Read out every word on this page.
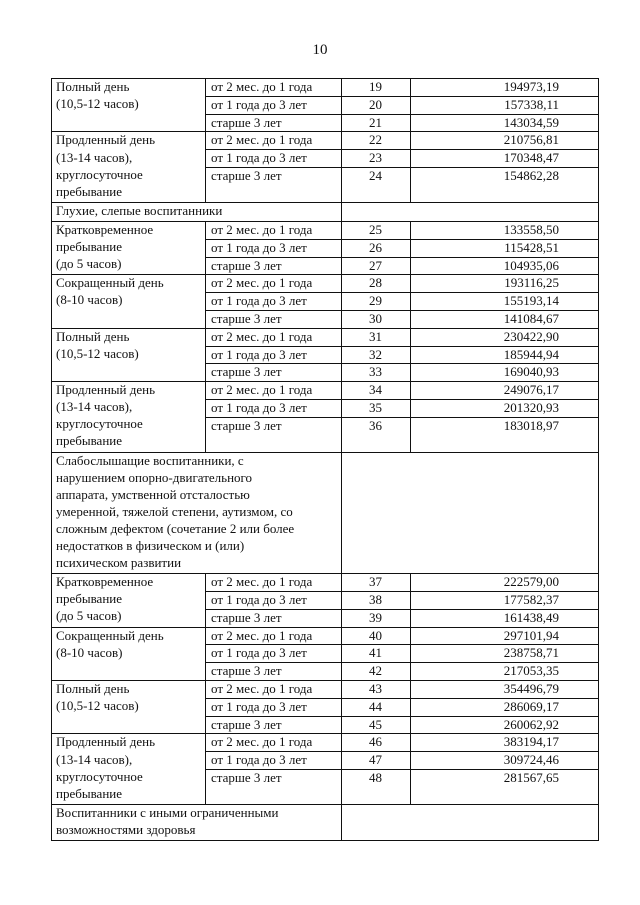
10
Полный день
(10,5-12 часов)
от 2 мес. до 1 года	19	194973,19
от 1 года до 3 лет	20	157338,11
старше 3 лет	21	143034,59
Продленный день
(13-14 часов),
круглосуточное
пребывание
от 2 мес. до 1 года	22	210756,81
от 1 года до 3 лет	23	170348,47
старше 3 лет	24	154862,28
Глухие, слепые воспитанники
Кратковременное
пребывание
(до 5 часов)
от 2 мес. до 1 года	25	133558,50
от 1 года до 3 лет	26	115428,51
старше 3 лет	27	104935,06
Сокращенный день
(8-10 часов)
от 2 мес. до 1 года	28	193116,25
от 1 года до 3 лет	29	155193,14
старше 3 лет	30	141084,67
Полный день
(10,5-12 часов)
от 2 мес. до 1 года	31	230422,90
от 1 года до 3 лет	32	185944,94
старше 3 лет	33	169040,93
Продленный день
(13-14 часов),
круглосуточное
пребывание
от 2 мес. до 1 года	34	249076,17
от 1 года до 3 лет	35	201320,93
старше 3 лет	36	183018,97
Слабослышащие воспитанники, с
нарушением опорно-двигательного
аппарата, умственной отсталостью
умеренной, тяжелой степени, аутизмом, со
сложным дефектом (сочетание 2 или более
недостатков в физическом и (или)
психическом развитии
Кратковременное
пребывание
(до 5 часов)
от 2 мес. до 1 года	37	222579,00
от 1 года до 3 лет	38	177582,37
старше 3 лет	39	161438,49
Сокращенный день
(8-10 часов)
от 2 мес. до 1 года	40	297101,94
от 1 года до 3 лет	41	238758,71
старше 3 лет	42	217053,35
Полный день
(10,5-12 часов)
от 2 мес. до 1 года	43	354496,79
от 1 года до 3 лет	44	286069,17
старше 3 лет	45	260062,92
Продленный день
(13-14 часов),
круглосуточное
пребывание
от 2 мес. до 1 года	46	383194,17
от 1 года до 3 лет	47	309724,46
старше 3 лет	48	281567,65
Воспитанники с иными ограниченными
возможностями здоровья
